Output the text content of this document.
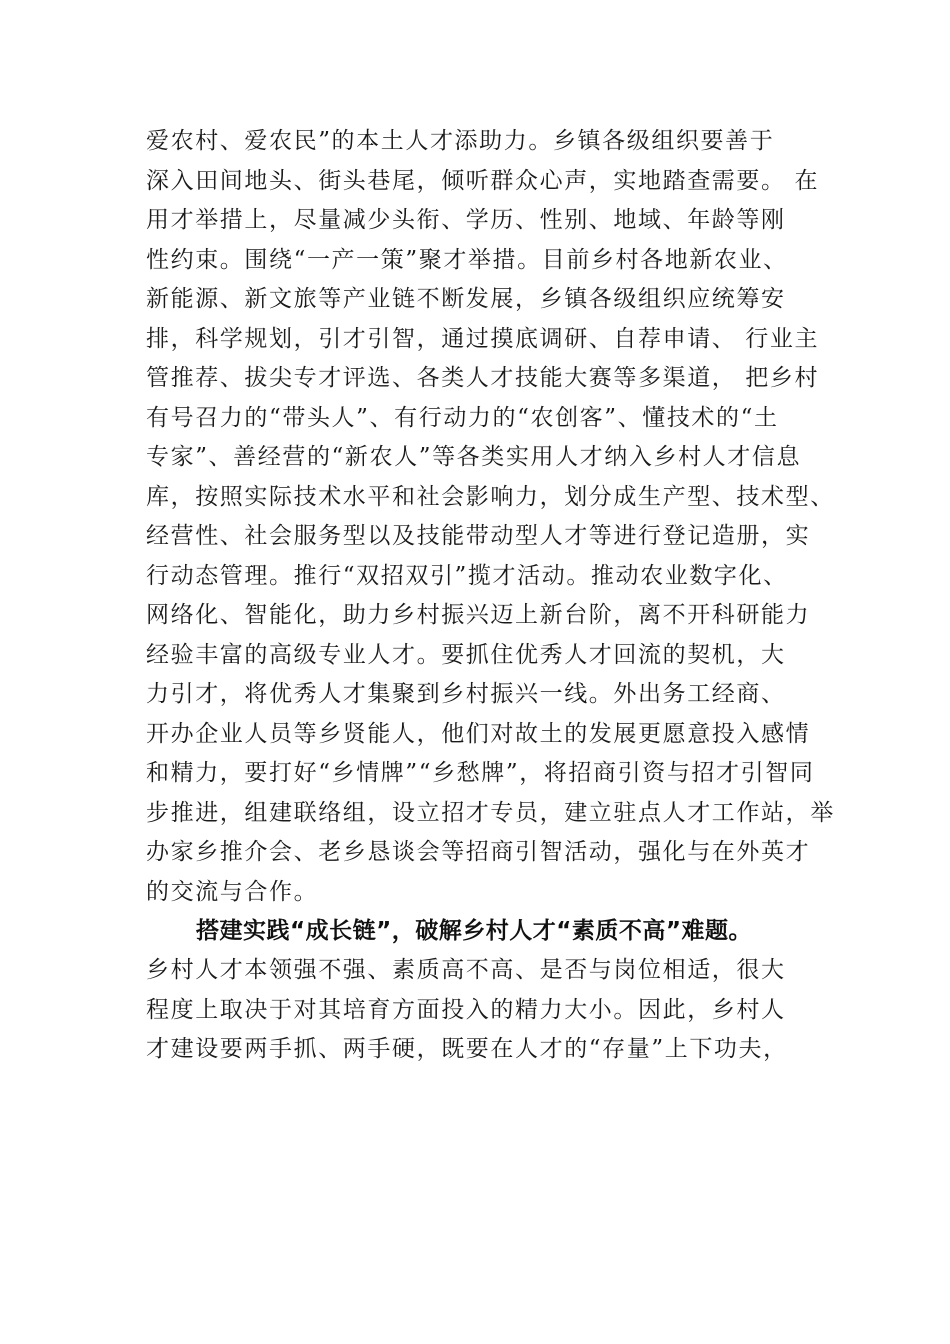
爱农村、爱农民”的本土人才添助力。乡镇各级组织要善于
深入田间地头、街头巷尾，倾听群众心声，实地踏查需要。 在
用才举措上，尽量减少头衔、学历、性别、地域、年龄等刚
性约束。围绕“一产一策”聚才举措。目前乡村各地新农业、
新能源、新文旅等产业链不断发展，乡镇各级组织应统筹安
排，科学规划，引才引智，通过摸底调研、自荐申请、 行业主
管推荐、拔尖专才评选、各类人才技能大赛等多渠道， 把乡村
有号召力的“带头人”、有行动力的“农创客”、懂技术的“土
专家”、善经营的“新农人”等各类实用人才纳入乡村人才信息
库，按照实际技术水平和社会影响力，划分成生产型、技术型、
经营性、社会服务型以及技能带动型人才等进行登记造册，实
行动态管理。推行“双招双引”揽才活动。推动农业数字化、
网络化、智能化，助力乡村振兴迈上新台阶，离不开科研能力
经验丰富的高级专业人才。要抓住优秀人才回流的契机，大
力引才，将优秀人才集聚到乡村振兴一线。外出务工经商、
开办企业人员等乡贤能人，他们对故土的发展更愿意投入感情
和精力，要打好“乡情牌”“乡愁牌”，将招商引资与招才引智同
步推进，组建联络组，设立招才专员，建立驻点人才工作站，举
办家乡推介会、老乡恳谈会等招商引智活动，强化与在外英才
的交流与合作。
搭建实践“成长链”，破解乡村人才“素质不高”难题。
乡村人才本领强不强、素质高不高、是否与岗位相适，很大
程度上取决于对其培育方面投入的精力大小。因此，乡村人
才建设要两手抓、两手硬，既要在人才的“存量”上下功夫，
